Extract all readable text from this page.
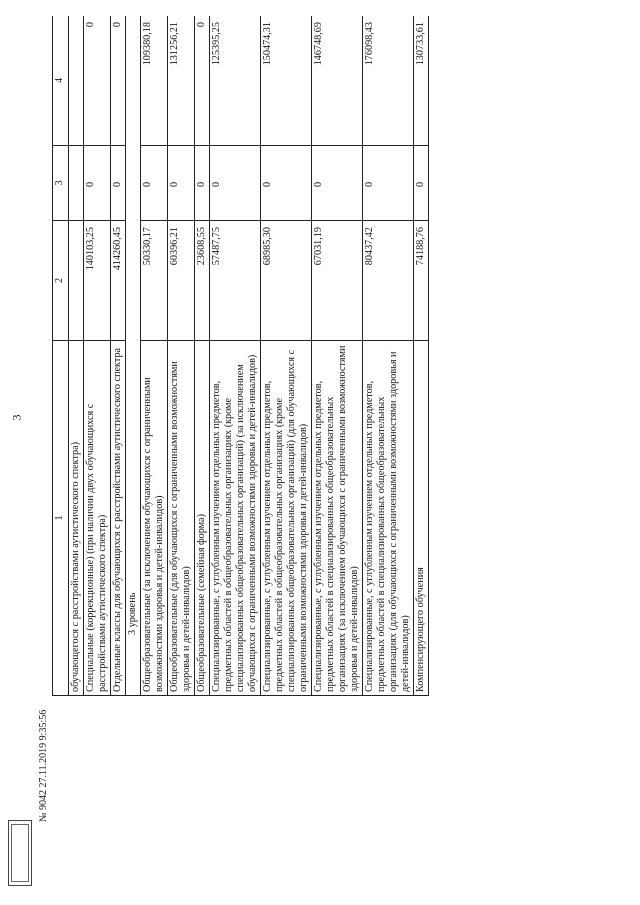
3
1	2	3	4
обучающегося с расстройствами аутистического спектра)			
Специальные (коррекционные) (при наличии двух обучающихся с расстройствами аутистического спектра)	140103,25	0	0
Отдельные классы для обучающихся с расстройствами аутистического спектра	414260,45	0	0
3 уровень			
Общеобразовательные (за исключением обучающихся с ограниченными возможностями здоровья и детей-инвалидов)	50330,17	0	109380,18
Общеобразовательные (для обучающихся с ограниченными возможностями здоровья и детей-инвалидов)	60396,21	0	131256,21
Общеобразовательные (семейная форма)	23608,55	0	0
Специализированные, с углубленным изучением отдельных предметов, предметных областей в общеобразовательных организациях (кроме специализированных общеобразовательных организаций) (за исключением обучающихся с ограниченными возможностями здоровья и детей-инвалидов)	57487,75	0	125395,25
Специализированные, с углубленным изучением отдельных предметов, предметных областей в общеобразовательных организациях (кроме специализированных общеобразовательных организаций) (для обучающихся с ограниченными возможностями здоровья и детей-инвалидов)	68985,30	0	150474,31
Специализированные, с углубленным изучением отдельных предметов, предметных областей в специализированных общеобразовательных организациях (за исключением обучающихся с ограниченными возможностями здоровья и детей-инвалидов)	67031,19	0	146748,69
Специализированные, с углубленным изучением отдельных предметов, предметных областей в специализированных общеобразовательных организациях (для обучающихся с ограниченными возможностями здоровья и детей-инвалидов)	80437,42	0	176098,43
Компенсирующего обучения	74188,76	0	130733,61
№ 9042 27.11.2019 9:35:56
